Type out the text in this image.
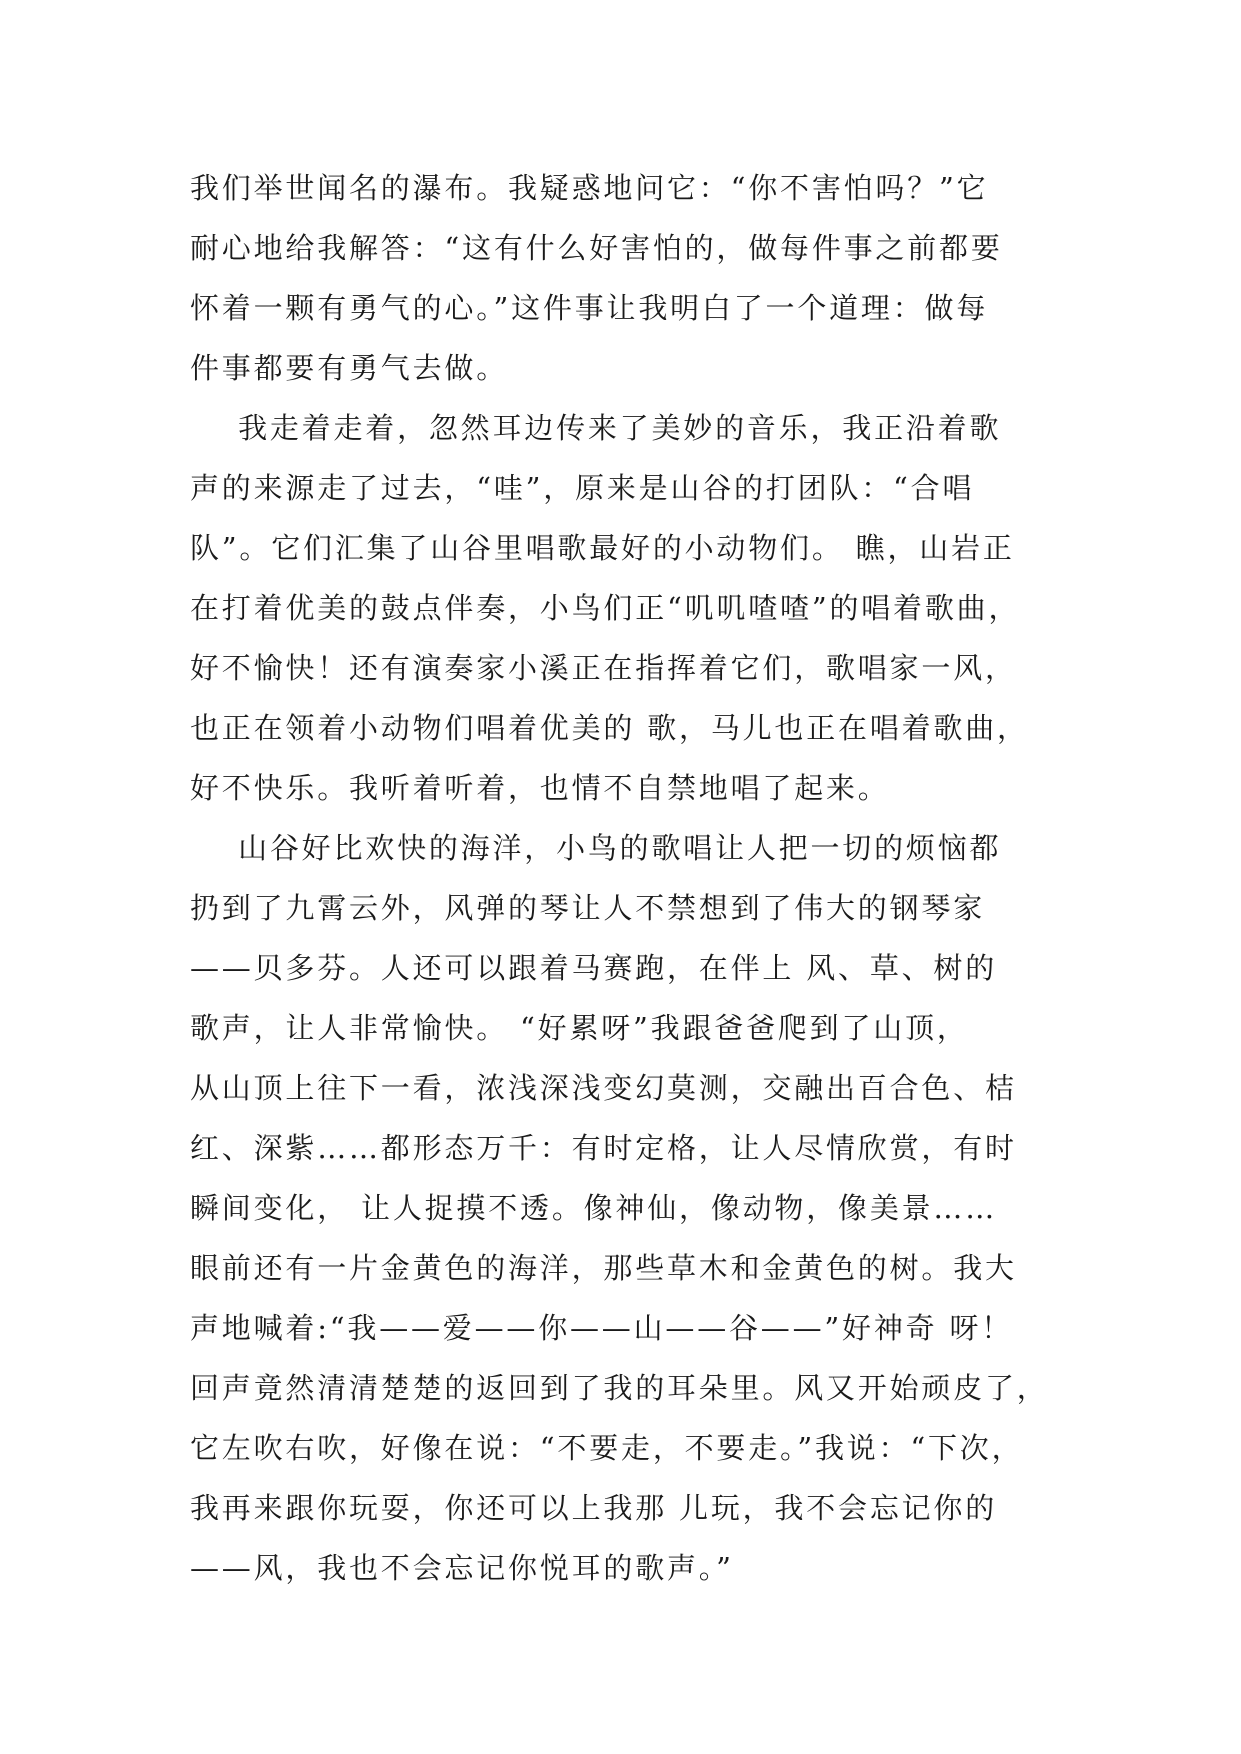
我们举世闻名的瀑布。我疑惑地问它：“你不害怕吗？”它
耐心地给我解答：“这有什么好害怕的，做每件事之前都要
怀着一颗有勇气的心。”这件事让我明白了一个道理：做每
件事都要有勇气去做。
我走着走着，忽然耳边传来了美妙的音乐，我正沿着歌
声的来源走了过去，“哇”，原来是山谷的打团队：“合唱
队”。它们汇集了山谷里唱歌最好的小动物们。 瞧，山岩正
在打着优美的鼓点伴奏，小鸟们正“叽叽喳喳”的唱着歌曲，
好不愉快！还有演奏家小溪正在指挥着它们，歌唱家一风，
也正在领着小动物们唱着优美的 歌，马儿也正在唱着歌曲，
好不快乐。我听着听着，也情不自禁地唱了起来。
山谷好比欢快的海洋，小鸟的歌唱让人把一切的烦恼都
扔到了九霄云外，风弹的琴让人不禁想到了伟大的钢琴家
——贝多芬。人还可以跟着马赛跑，在伴上 风、草、树的
歌声，让人非常愉快。 “好累呀”我跟爸爸爬到了山顶，
从山顶上往下一看，浓浅深浅变幻莫测，交融出百合色、桔
红、深紫……都形态万千：有时定格，让人尽情欣赏，有时
瞬间变化， 让人捉摸不透。像神仙，像动物，像美景……
眼前还有一片金黄色的海洋，那些草木和金黄色的树。我大
声地喊着:“我——爱——你——山——谷——”好神奇 呀！
回声竟然清清楚楚的返回到了我的耳朵里。风又开始顽皮了，
它左吹右吹，好像在说：“不要走，不要走。”我说：“下次，
我再来跟你玩耍，你还可以上我那 儿玩，我不会忘记你的
——风，我也不会忘记你悦耳的歌声。”
